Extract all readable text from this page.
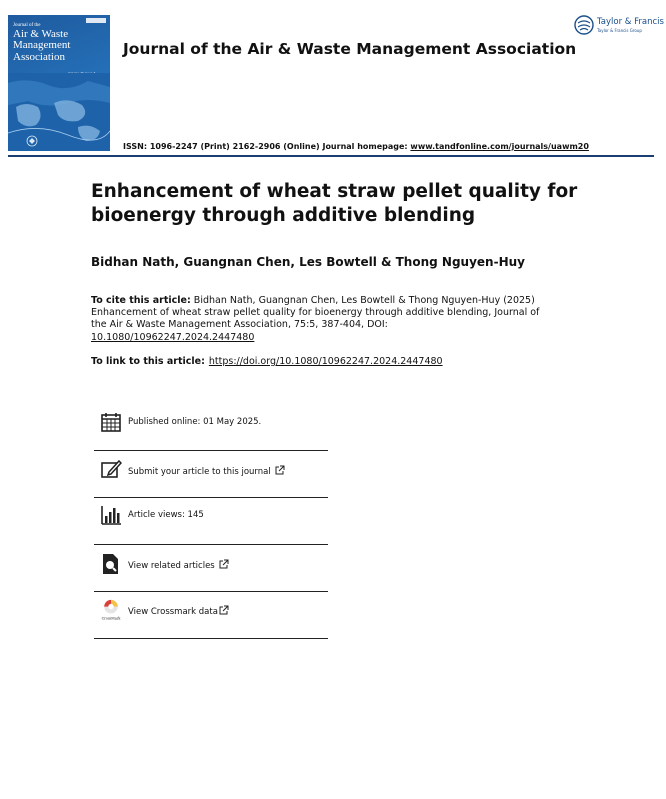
Journal of the
Air & Waste
Management
Association	Journal of the Air & Waste Management Association
Taylor & Francis
Taylor & Francis Group
ISSN: 1096-2247 (Print) 2162-2906 (Online) Journal homepage: www.tandfonline.com/journals/uawm20
Enhancement of wheat straw pellet quality for bioenergy through additive blending
Bidhan Nath, Guangnan Chen, Les Bowtell & Thong Nguyen-Huy
To cite this article: Bidhan Nath, Guangnan Chen, Les Bowtell & Thong Nguyen-Huy (2025) Enhancement of wheat straw pellet quality for bioenergy through additive blending, Journal of the Air & Waste Management Association, 75:5, 387-404, DOI: 10.1080/10962247.2024.2447480
To link to this article: https://doi.org/10.1080/10962247.2024.2447480
Published online: 01 May 2025.
Submit your article to this journal
Article views: 145
View related articles
CrossMark
View Crossmark data
